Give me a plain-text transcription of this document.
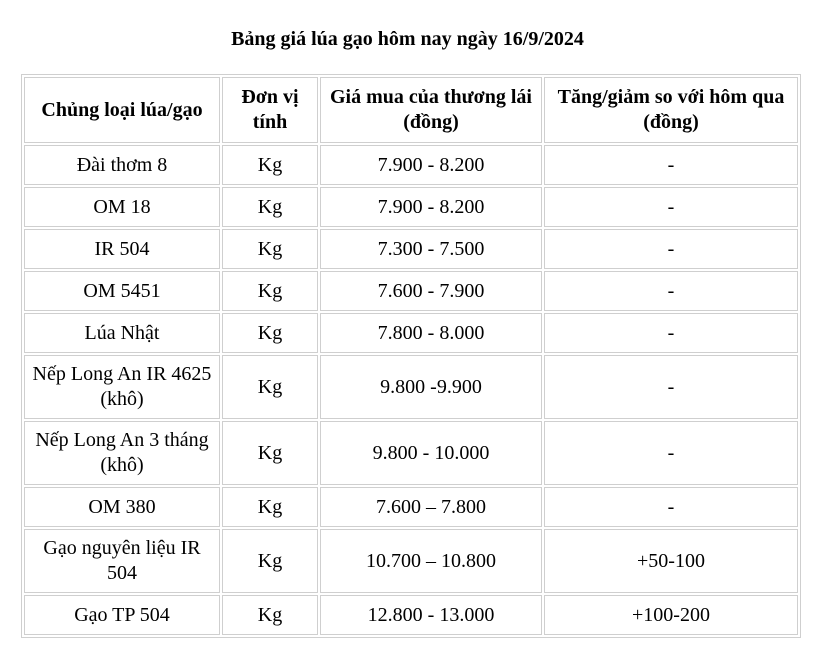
Bảng giá lúa gạo hôm nay ngày 16/9/2024
Chủng loại lúa/gạo	Đơn vị tính	Giá mua của thương lái (đồng)	Tăng/giảm so với hôm qua (đồng)
Đài thơm 8	Kg	7.900 - 8.200	-
OM 18	Kg	7.900 - 8.200	-
IR 504	Kg	7.300 - 7.500	-
OM 5451	Kg	7.600 - 7.900	-
Lúa Nhật	Kg	7.800 - 8.000	-
Nếp Long An IR 4625 (khô)	Kg	9.800 -9.900	-
Nếp Long An 3 tháng (khô)	Kg	9.800 - 10.000	-
OM 380	Kg	7.600 – 7.800	-
Gạo nguyên liệu IR 504	Kg	10.700 – 10.800	+50-100
Gạo TP 504	Kg	12.800 - 13.000	+100-200
